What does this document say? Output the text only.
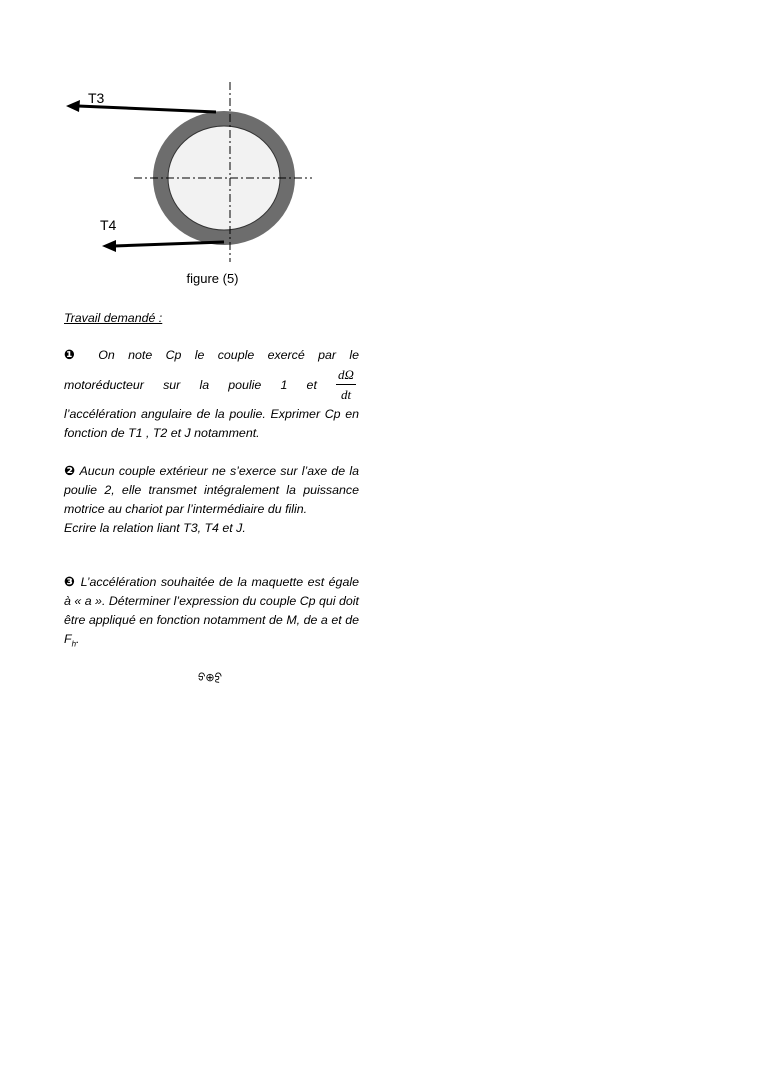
T3
T4
figure (5)
Travail demandé :
❶ On note Cp le couple exercé par le
motoréducteur sur la poulie 1 et $\frac{d\Omega}{dt}$
l’accélération angulaire de la poulie. Exprimer Cp en fonction de T1 , T2 et J notamment.
❷ Aucun couple extérieur ne s’exerce sur l’axe de la poulie 2, elle transmet intégralement la puissance motrice au chariot par l’intermédiaire du filin.
Ecrire la relation liant T3, T4 et J.
❸ L’accélération souhaitée de la maquette est égale à « a ». Déterminer l’expression du couple Cp qui doit être appliqué en fonction notamment de M, de a et de $F_h$.
ᢒ⊕ᢓ
